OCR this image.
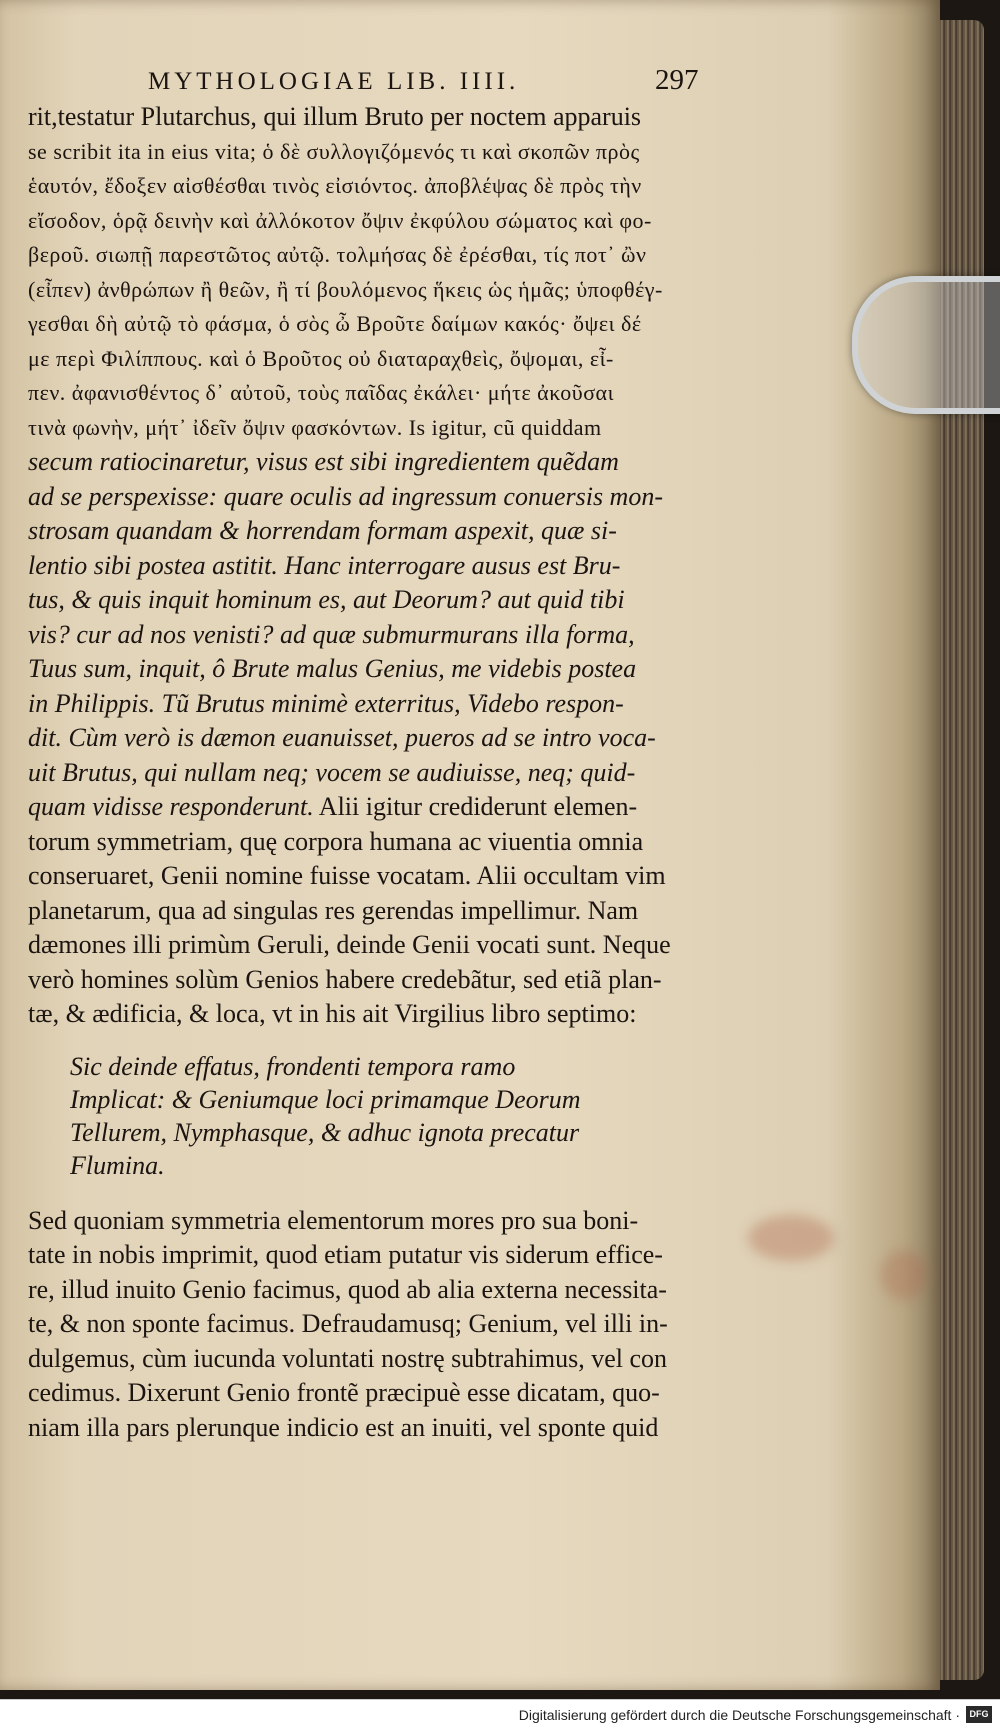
MYTHOLOGIAE LIB. IIII.	297
rit,testatur Plutarchus, qui illum Bruto per noctem apparuis
se scribit ita in eius vita; ὁ δὲ συλλογιζόμενός τι καὶ σκοπῶν πρὸς
ἑαυτόν, ἔδοξεν αἰσθέσθαι τινὸς εἰσιόντος. ἀποβλέψας δὲ πρὸς τὴν
εἴσοδον, ὁρᾷ δεινὴν καὶ ἀλλόκοτον ὄψιν ἐκφύλου σώματος καὶ φο-
βεροῦ. σιωπῇ παρεστῶτος αὐτῷ. τολμήσας δὲ ἐρέσθαι, τίς ποτ᾽ ὢν
(εἶπεν) ἀνθρώπων ἢ θεῶν, ἢ τί βουλόμενος ἥκεις ὡς ἡμᾶς; ὑποφθέγ-
γεσθαι δὴ αὐτῷ τὸ φάσμα, ὁ σὸς ὦ Βροῦτε δαίμων κακός· ὄψει δέ
με περὶ Φιλίππους. καὶ ὁ Βροῦτος οὐ διαταραχθεὶς, ὄψομαι, εἶ-
πεν. ἀφανισθέντος δ᾽ αὐτοῦ, τοὺς παῖδας ἐκάλει· μήτε ἀκοῦσαι
τινὰ φωνὴν, μήτ᾽ ἰδεῖν ὄψιν φασκόντων. Is igitur, cũ quiddam
secum ratiocinaretur, visus est sibi ingredientem quẽdam
ad se perspexisse: quare oculis ad ingressum conuersis mon-
strosam quandam & horrendam formam aspexit, quæ si-
lentio sibi postea astitit. Hanc interrogare ausus est Bru-
tus, & quis inquit hominum es, aut Deorum? aut quid tibi
vis? cur ad nos venisti? ad quæ submurmurans illa forma,
Tuus sum, inquit, ô Brute malus Genius, me videbis postea
in Philippis. Tũ Brutus minimè exterritus, Videbo respon-
dit. Cùm verò is dæmon euanuisset, pueros ad se intro voca-
uit Brutus, qui nullam neq; vocem se audiuisse, neq; quid-
quam vidisse responderunt. Alii igitur crediderunt elemen-
torum symmetriam, quę corpora humana ac viuentia omnia
conseruaret, Genii nomine fuisse vocatam. Alii occultam vim
planetarum, qua ad singulas res gerendas impellimur. Nam
dæmones illi primùm Geruli, deinde Genii vocati sunt. Neque
verò homines solùm Genios habere credebãtur, sed etiã plan-
tæ, & ædificia, & loca, vt in his ait Virgilius libro septimo:
Sic deinde effatus, frondenti tempora ramo
Implicat: & Geniumque loci primamque Deorum
Tellurem, Nymphasque, & adhuc ignota precatur
Flumina.
Sed quoniam symmetria elementorum mores pro sua boni-
tate in nobis imprimit, quod etiam putatur vis siderum effice-
re, illud inuito Genio facimus, quod ab alia externa necessita-
te, & non sponte facimus. Defraudamusq; Genium, vel illi in-
dulgemus, cùm iucunda voluntati nostrę subtrahimus, vel con
cedimus. Dixerunt Genio frontẽ præcipuè esse dicatam, quo-
niam illa pars plerunque indicio est an inuiti, vel sponte quid
Digitalisierung gefördert durch die Deutsche Forschungsgemeinschaft ·	DFG
